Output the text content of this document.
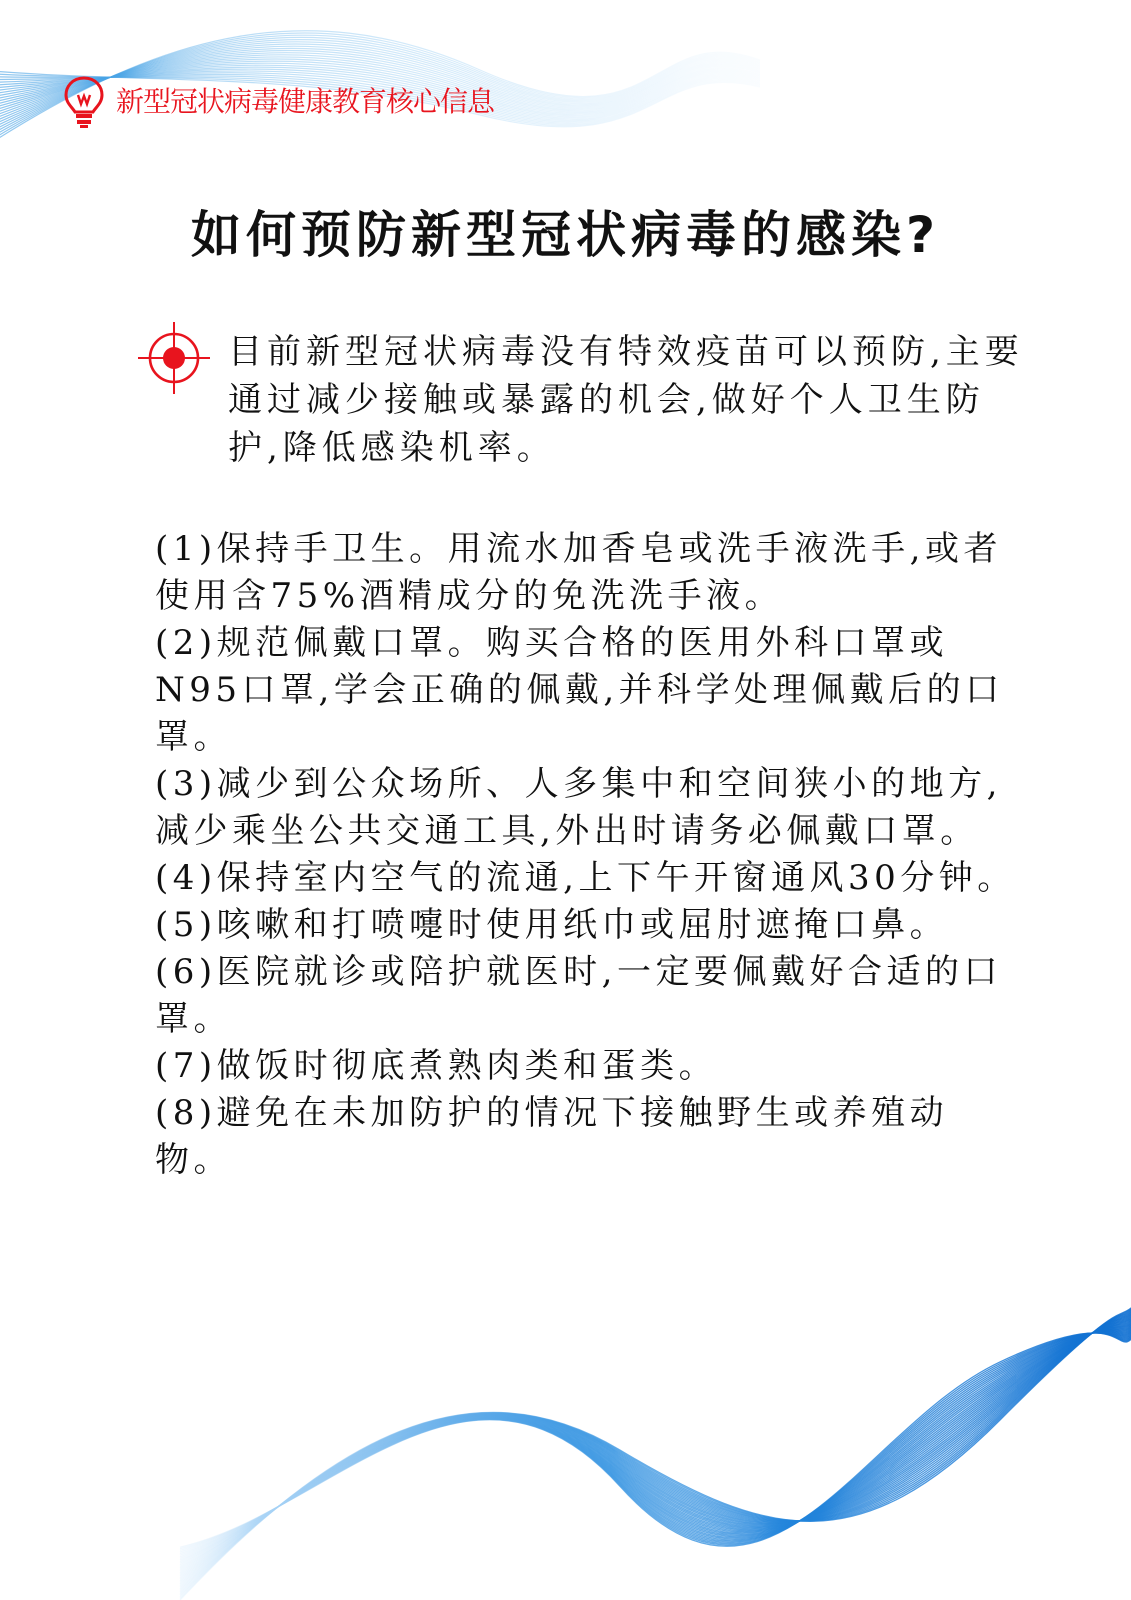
新型冠状病毒健康教育核心信息
如何预防新型冠状病毒的感染?
目前新型冠状病毒没有特效疫苗可以预防,主要通过减少接触或暴露的机会,做好个人卫生防护,降低感染机率。

(1)保持手卫生。用流水加香皂或洗手液洗手,或者使用含75%酒精成分的免洗洗手液。

(2)规范佩戴口罩。购买合格的医用外科口罩或N95口罩,学会正确的佩戴,并科学处理佩戴后的口罩。

(3)减少到公众场所、人多集中和空间狭小的地方,减少乘坐公共交通工具,外出时请务必佩戴口罩。

(4)保持室内空气的流通,上下午开窗通风30分钟。

(5)咳嗽和打喷嚏时使用纸巾或屈肘遮掩口鼻。

(6)医院就诊或陪护就医时,一定要佩戴好合适的口罩。

(7)做饭时彻底煮熟肉类和蛋类。

(8)避免在未加防护的情况下接触野生或养殖动物。
